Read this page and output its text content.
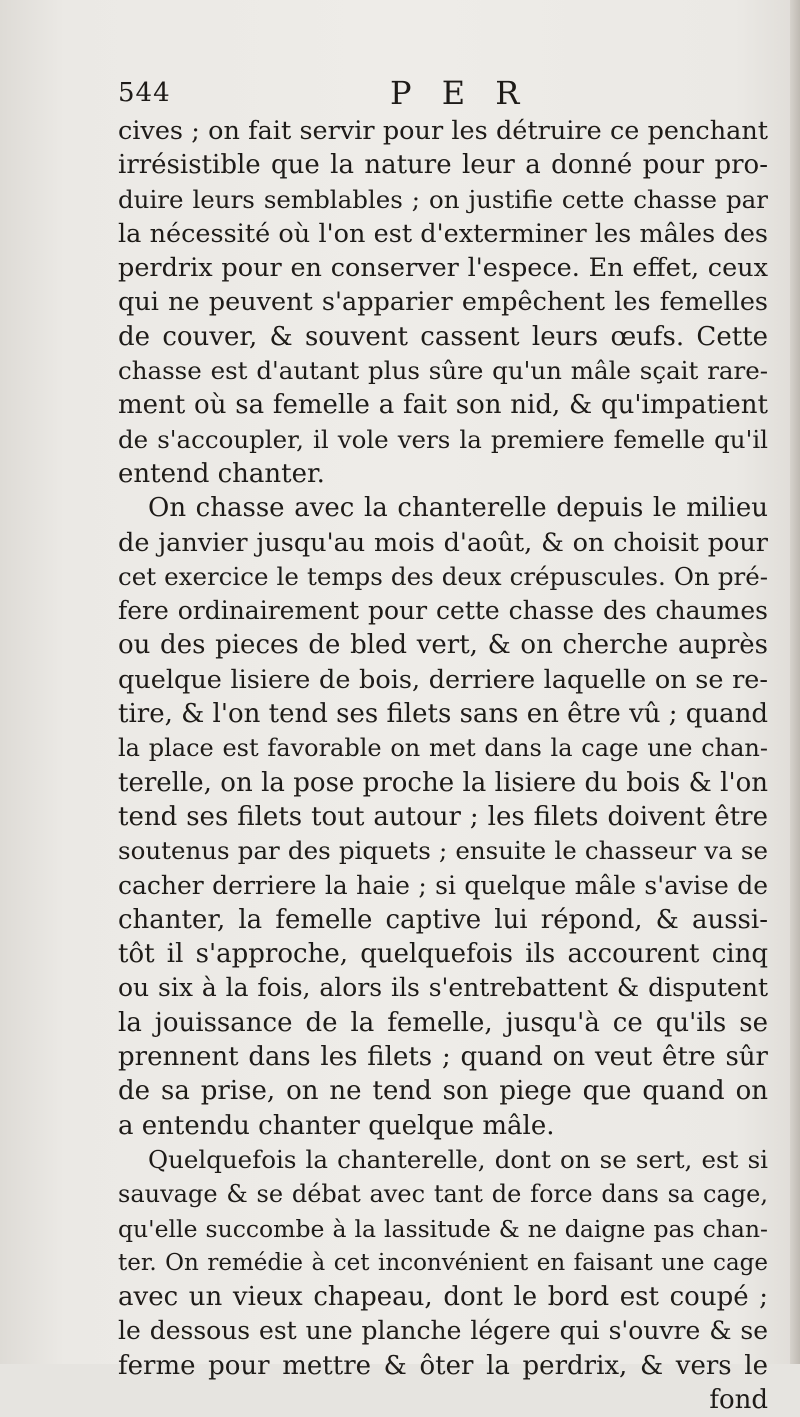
544	P E R
cives ; on fait servir pour les détruire ce penchant
irrésistible que la nature leur a donné pour pro-
duire leurs semblables ; on justifie cette chasse par
la nécessité où l'on est d'exterminer les mâles des
perdrix pour en conserver l'espece. En effet, ceux
qui ne peuvent s'apparier empêchent les femelles
de couver, & souvent cassent leurs œufs. Cette
chasse est d'autant plus sûre qu'un mâle sçait rare-
ment où sa femelle a fait son nid, & qu'impatient
de s'accoupler, il vole vers la premiere femelle qu'il
entend chanter.
On chasse avec la chanterelle depuis le milieu
de janvier jusqu'au mois d'août, & on choisit pour
cet exercice le temps des deux crépuscules. On pré-
fere ordinairement pour cette chasse des chaumes
ou des pieces de bled vert, & on cherche auprès
quelque lisiere de bois, derriere laquelle on se re-
tire, & l'on tend ses filets sans en être vû ; quand
la place est favorable on met dans la cage une chan-
terelle, on la pose proche la lisiere du bois & l'on
tend ses filets tout autour ; les filets doivent être
soutenus par des piquets ; ensuite le chasseur va se
cacher derriere la haie ; si quelque mâle s'avise de
chanter, la femelle captive lui répond, & aussi-
tôt il s'approche, quelquefois ils accourent cinq
ou six à la fois, alors ils s'entrebattent & disputent
la jouissance de la femelle, jusqu'à ce qu'ils se
prennent dans les filets ; quand on veut être sûr
de sa prise, on ne tend son piege que quand on
a entendu chanter quelque mâle.
Quelquefois la chanterelle, dont on se sert, est si
sauvage & se débat avec tant de force dans sa cage,
qu'elle succombe à la lassitude & ne daigne pas chan-
ter. On remédie à cet inconvénient en faisant une cage
avec un vieux chapeau, dont le bord est coupé ;
le dessous est une planche légere qui s'ouvre & se
ferme pour mettre & ôter la perdrix, & vers le
fond
